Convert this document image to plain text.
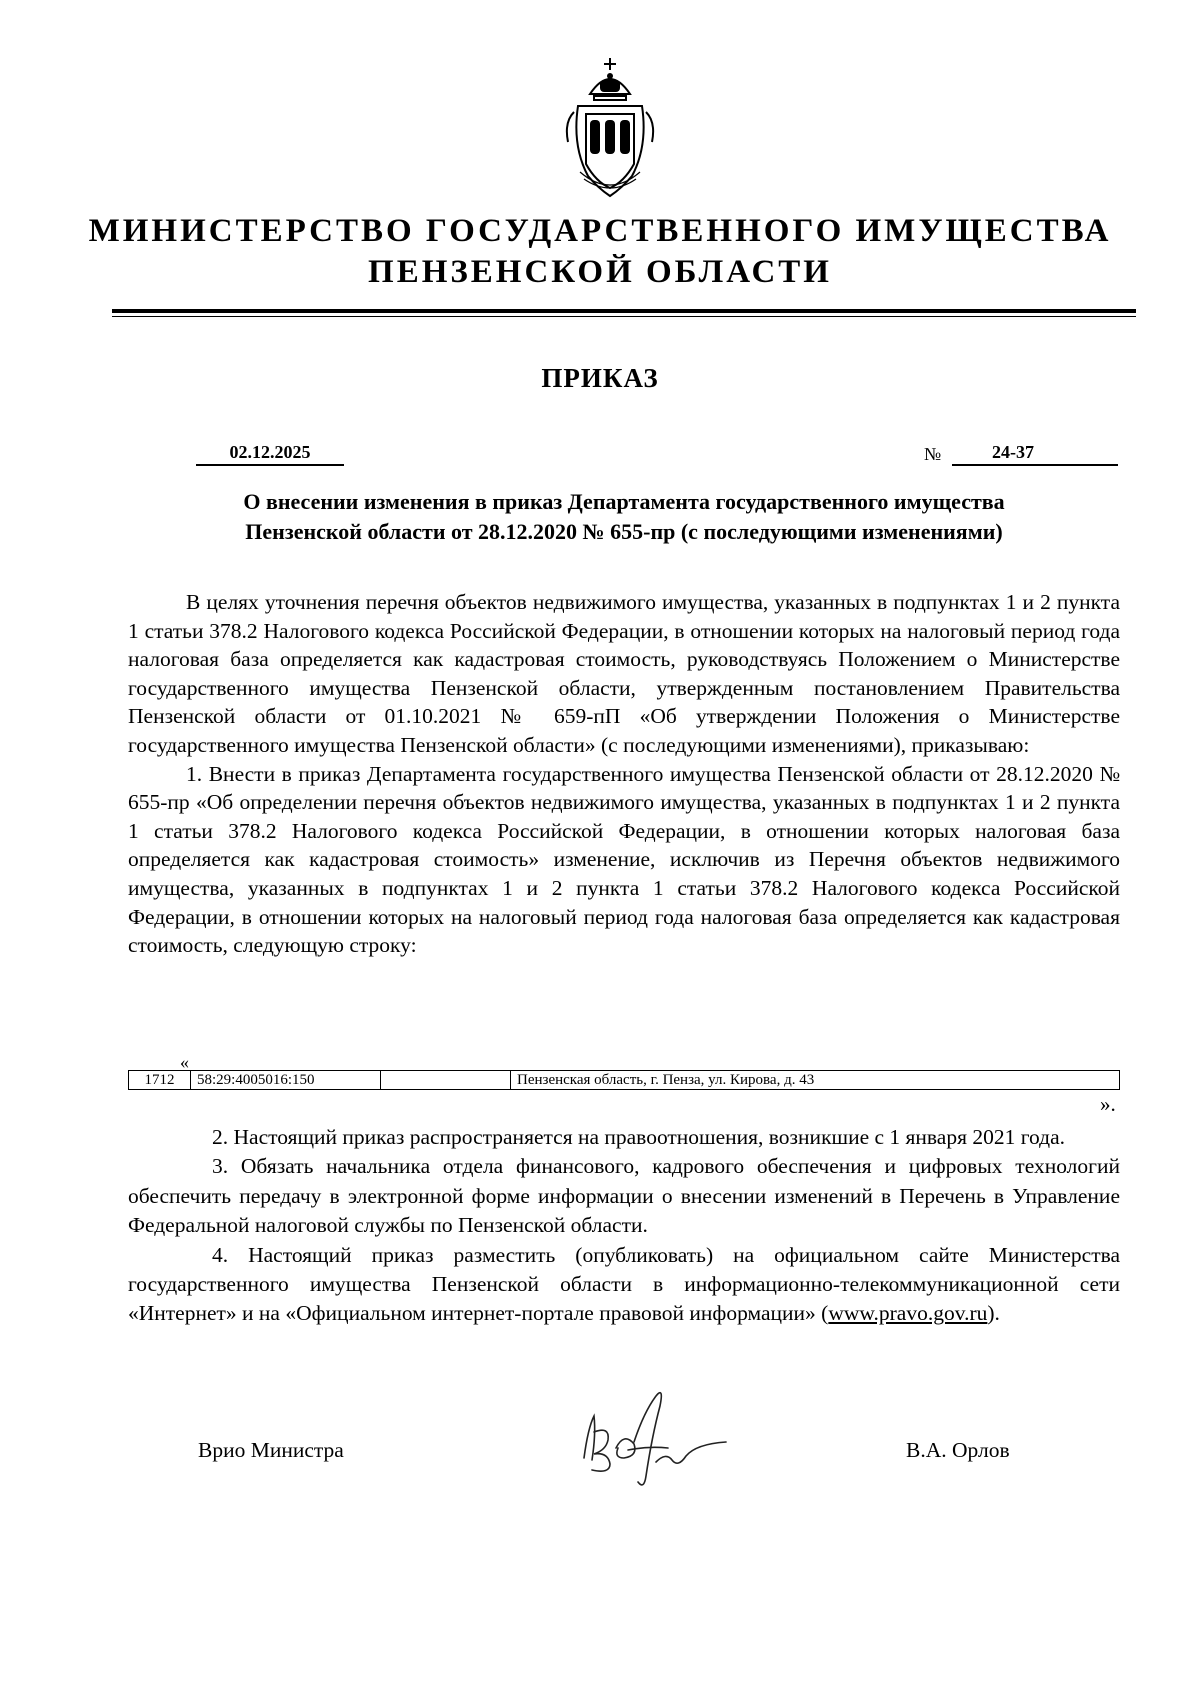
МИНИСТЕРСТВО ГОСУДАРСТВЕННОГО ИМУЩЕСТВА
ПЕНЗЕНСКОЙ ОБЛАСТИ
ПРИКАЗ
02.12.2025	№	24-37
О внесении изменения в приказ Департамента государственного имущества
Пензенской области от 28.12.2020 № 655-пр (с последующими изменениями)

В целях уточнения перечня объектов недвижимого имущества, указанных в подпунктах 1 и 2 пункта 1 статьи 378.2 Налогового кодекса Российской Федерации, в отношении которых на налоговый период года налоговая база определяется как кадастровая стоимость, руководствуясь Положением о Министерстве государственного имущества Пензенской области, утвержденным постановлением Правительства Пензенской области от 01.10.2021 № 659-пП «Об утверждении Положения о Министерстве государственного имущества Пензенской области» (с последующими изменениями), приказываю:

1. Внести в приказ Департамента государственного имущества Пензенской области от 28.12.2020 № 655-пр «Об определении перечня объектов недвижимого имущества, указанных в подпунктах 1 и 2 пункта 1 статьи 378.2 Налогового кодекса Российской Федерации, в отношении которых налоговая база определяется как кадастровая стоимость» изменение, исключив из Перечня объектов недвижимого имущества, указанных в подпунктах 1 и 2 пункта 1 статьи 378.2 Налогового кодекса Российской Федерации, в отношении которых на налоговый период года налоговая база определяется как кадастровая стоимость, следующую строку:

«
1712	58:29:4005016:150		Пензенская область, г. Пенза, ул. Кирова, д. 43
».

2. Настоящий приказ распространяется на правоотношения, возникшие с 1 января 2021 года.

3. Обязать начальника отдела финансового, кадрового обеспечения и цифровых технологий обеспечить передачу в электронной форме информации о внесении изменений в Перечень в Управление Федеральной налоговой службы по Пензенской области.

4. Настоящий приказ разместить (опубликовать) на официальном сайте Министерства государственного имущества Пензенской области в информационно-телекоммуникационной сети «Интернет» и на «Официальном интернет-портале правовой информации» (www.pravo.gov.ru).

Врио Министра	В.А. Орлов
